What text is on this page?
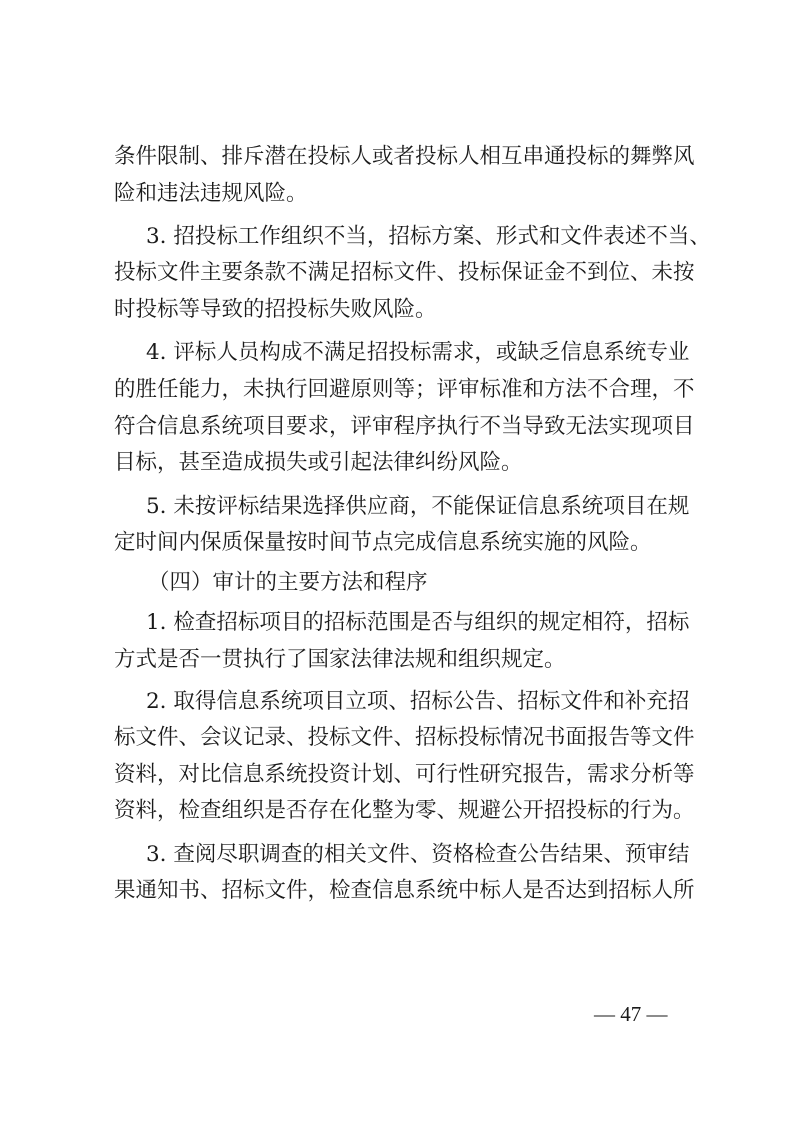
条件限制、排斥潜在投标人或者投标人相互串通投标的舞弊风
险和违法违规风险。
3. 招投标工作组织不当，招标方案、形式和文件表述不当、
投标文件主要条款不满足招标文件、投标保证金不到位、未按
时投标等导致的招投标失败风险。
4. 评标人员构成不满足招投标需求，或缺乏信息系统专业
的胜任能力，未执行回避原则等；评审标准和方法不合理，不
符合信息系统项目要求，评审程序执行不当导致无法实现项目
目标，甚至造成损失或引起法律纠纷风险。
5. 未按评标结果选择供应商，不能保证信息系统项目在规
定时间内保质保量按时间节点完成信息系统实施的风险。
（四）审计的主要方法和程序
1. 检查招标项目的招标范围是否与组织的规定相符，招标
方式是否一贯执行了国家法律法规和组织规定。
2. 取得信息系统项目立项、招标公告、招标文件和补充招
标文件、会议记录、投标文件、招标投标情况书面报告等文件
资料，对比信息系统投资计划、可行性研究报告，需求分析等
资料，检查组织是否存在化整为零、规避公开招投标的行为。
3. 查阅尽职调查的相关文件、资格检查公告结果、预审结
果通知书、招标文件，检查信息系统中标人是否达到招标人所
— 47 —
